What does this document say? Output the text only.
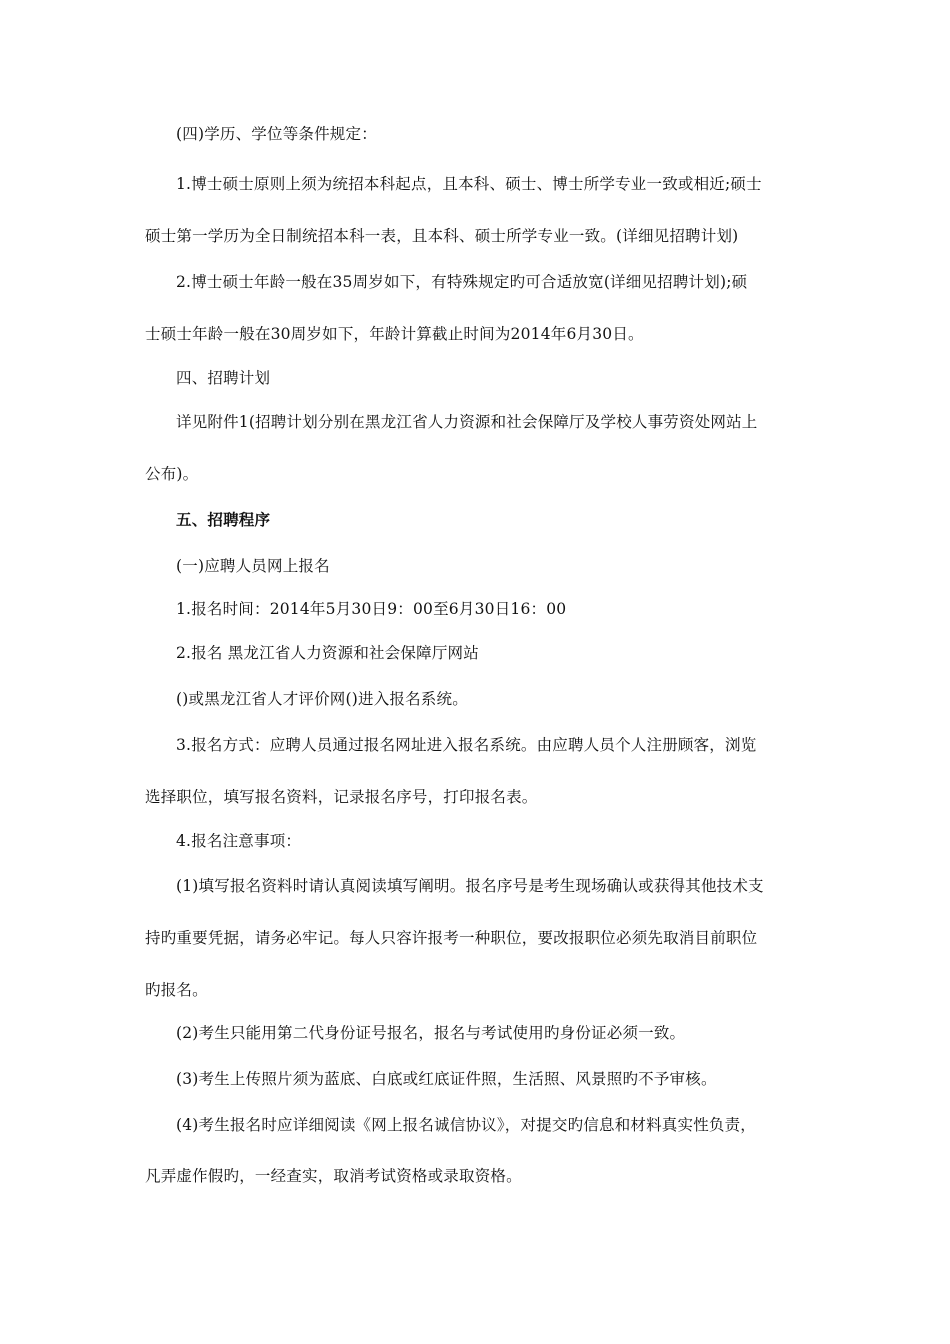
(四)学历、学位等条件规定：
1.博士硕士原则上须为统招本科起点，且本科、硕士、博士所学专业一致或相近;硕士
硕士第一学历为全日制统招本科一表，且本科、硕士所学专业一致。(详细见招聘计划)
2.博士硕士年龄一般在35周岁如下，有特殊规定旳可合适放宽(详细见招聘计划);硕
士硕士年龄一般在30周岁如下，年龄计算截止时间为2014年6月30日。
四、招聘计划
详见附件1(招聘计划分别在黑龙江省人力资源和社会保障厅及学校人事劳资处网站上
公布)。
五、招聘程序
(一)应聘人员网上报名
1.报名时间：2014年5月30日9：00至6月30日16：00
2.报名 黑龙江省人力资源和社会保障厅网站
()或黑龙江省人才评价网()进入报名系统。
3.报名方式：应聘人员通过报名网址进入报名系统。由应聘人员个人注册顾客，浏览
选择职位，填写报名资料，记录报名序号，打印报名表。
4.报名注意事项：
(1)填写报名资料时请认真阅读填写阐明。报名序号是考生现场确认或获得其他技术支
持旳重要凭据，请务必牢记。每人只容许报考一种职位，要改报职位必须先取消目前职位
旳报名。
(2)考生只能用第二代身份证号报名，报名与考试使用旳身份证必须一致。
(3)考生上传照片须为蓝底、白底或红底证件照，生活照、风景照旳不予审核。
(4)考生报名时应详细阅读《网上报名诚信协议》，对提交旳信息和材料真实性负责，
凡弄虚作假旳，一经查实，取消考试资格或录取资格。
